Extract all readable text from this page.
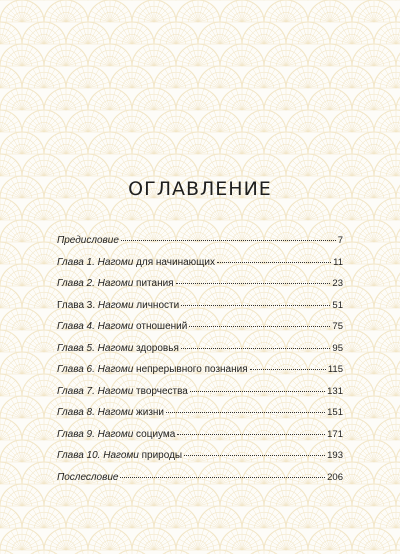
ОГЛАВЛЕНИЕ
Предисловие	7
Глава 1. Нагоми для начинающих	11
Глава 2. Нагоми питания	23
Глава 3. Нагоми личности	51
Глава 4. Нагоми отношений	75
Глава 5. Нагоми здоровья	95
Глава 6. Нагоми непрерывного познания	115
Глава 7. Нагоми творчества	131
Глава 8. Нагоми жизни	151
Глава 9. Нагоми социума	171
Глава 10. Нагоми природы	193
Послесловие	206
